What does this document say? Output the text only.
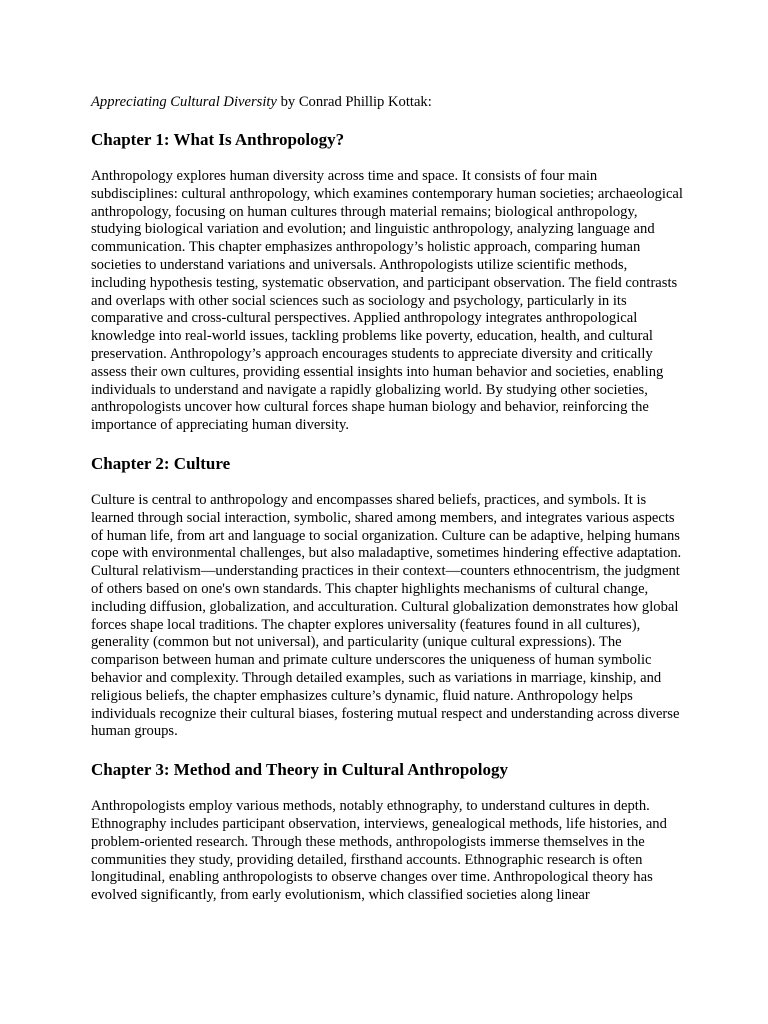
Appreciating Cultural Diversity by Conrad Phillip Kottak:

Chapter 1: What Is Anthropology?

Anthropology explores human diversity across time and space. It consists of four main subdisciplines: cultural anthropology, which examines contemporary human societies; archaeological anthropology, focusing on human cultures through material remains; biological anthropology, studying biological variation and evolution; and linguistic anthropology, analyzing language and communication. This chapter emphasizes anthropology’s holistic approach, comparing human societies to understand variations and universals. Anthropologists utilize scientific methods, including hypothesis testing, systematic observation, and participant observation. The field contrasts and overlaps with other social sciences such as sociology and psychology, particularly in its comparative and cross-cultural perspectives. Applied anthropology integrates anthropological knowledge into real-world issues, tackling problems like poverty, education, health, and cultural preservation. Anthropology’s approach encourages students to appreciate diversity and critically assess their own cultures, providing essential insights into human behavior and societies, enabling individuals to understand and navigate a rapidly globalizing world. By studying other societies, anthropologists uncover how cultural forces shape human biology and behavior, reinforcing the importance of appreciating human diversity.

Chapter 2: Culture

Culture is central to anthropology and encompasses shared beliefs, practices, and symbols. It is learned through social interaction, symbolic, shared among members, and integrates various aspects of human life, from art and language to social organization. Culture can be adaptive, helping humans cope with environmental challenges, but also maladaptive, sometimes hindering effective adaptation. Cultural relativism—understanding practices in their context—counters ethnocentrism, the judgment of others based on one's own standards. This chapter highlights mechanisms of cultural change, including diffusion, globalization, and acculturation. Cultural globalization demonstrates how global forces shape local traditions. The chapter explores universality (features found in all cultures), generality (common but not universal), and particularity (unique cultural expressions). The comparison between human and primate culture underscores the uniqueness of human symbolic behavior and complexity. Through detailed examples, such as variations in marriage, kinship, and religious beliefs, the chapter emphasizes culture’s dynamic, fluid nature. Anthropology helps individuals recognize their cultural biases, fostering mutual respect and understanding across diverse human groups.

Chapter 3: Method and Theory in Cultural Anthropology

Anthropologists employ various methods, notably ethnography, to understand cultures in depth. Ethnography includes participant observation, interviews, genealogical methods, life histories, and problem-oriented research. Through these methods, anthropologists immerse themselves in the communities they study, providing detailed, firsthand accounts. Ethnographic research is often longitudinal, enabling anthropologists to observe changes over time. Anthropological theory has evolved significantly, from early evolutionism, which classified societies along linear
